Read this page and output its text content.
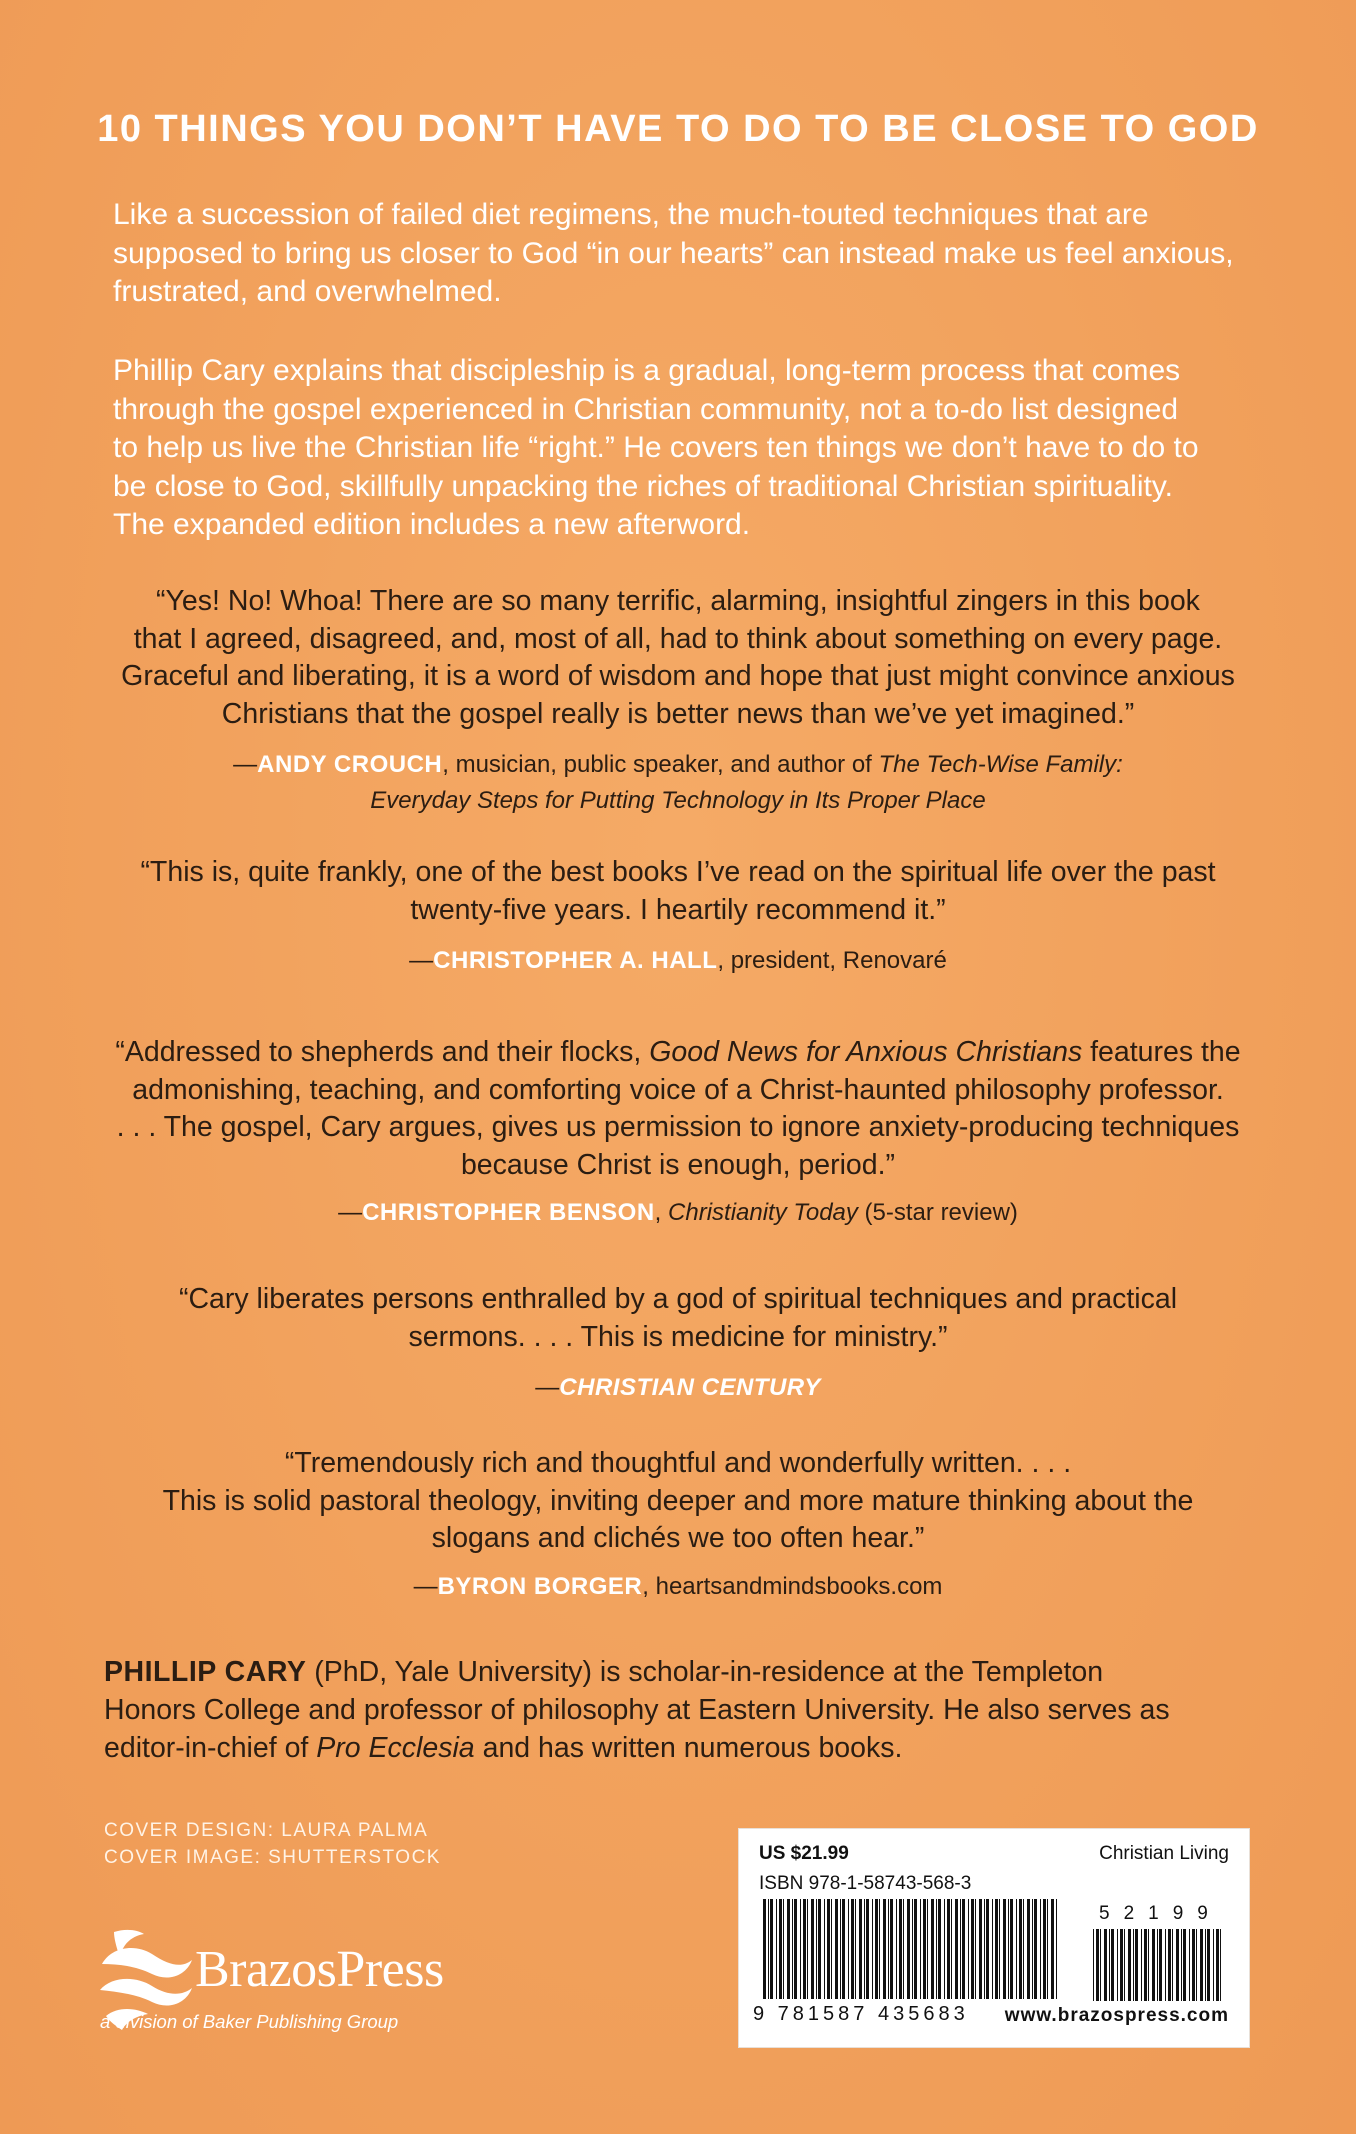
10 THINGS YOU DON’T HAVE TO DO TO BE CLOSE TO GOD
Like a succession of failed diet regimens, the much-touted techniques that are
supposed to bring us closer to God “in our hearts” can instead make us feel anxious,
frustrated, and overwhelmed.
Phillip Cary explains that discipleship is a gradual, long-term process that comes
through the gospel experienced in Christian community, not a to-do list designed
to help us live the Christian life “right.” He covers ten things we don’t have to do to
be close to God, skillfully unpacking the riches of traditional Christian spirituality.
The expanded edition includes a new afterword.
“Yes! No! Whoa! There are so many terrific, alarming, insightful zingers in this book
that I agreed, disagreed, and, most of all, had to think about something on every page.
Graceful and liberating, it is a word of wisdom and hope that just might convince anxious
Christians that the gospel really is better news than we’ve yet imagined.”
—ANDY CROUCH, musician, public speaker, and author of The Tech-Wise Family:
Everyday Steps for Putting Technology in Its Proper Place
“This is, quite frankly, one of the best books I’ve read on the spiritual life over the past
twenty-five years. I heartily recommend it.”
—CHRISTOPHER A. HALL, president, Renovaré
“Addressed to shepherds and their flocks, Good News for Anxious Christians features the
admonishing, teaching, and comforting voice of a Christ-haunted philosophy professor.
. . . The gospel, Cary argues, gives us permission to ignore anxiety-producing techniques
because Christ is enough, period.”
—CHRISTOPHER BENSON, Christianity Today (5-star review)
“Cary liberates persons enthralled by a god of spiritual techniques and practical
sermons. . . . This is medicine for ministry.”
—CHRISTIAN CENTURY
“Tremendously rich and thoughtful and wonderfully written. . . .
This is solid pastoral theology, inviting deeper and more mature thinking about the
slogans and clichés we too often hear.”
—BYRON BORGER, heartsandmindsbooks.com
PHILLIP CARY (PhD, Yale University) is scholar-in-residence at the Templeton
Honors College and professor of philosophy at Eastern University. He also serves as
editor-in-chief of Pro Ecclesia and has written numerous books.
COVER DESIGN: LAURA PALMA
COVER IMAGE: SHUTTERSTOCK
BrazosPress
a division of Baker Publishing Group
US $21.99	Christian Living
ISBN 978-1-58743-568-3
52199
9 781587 435683 www.brazospress.com
